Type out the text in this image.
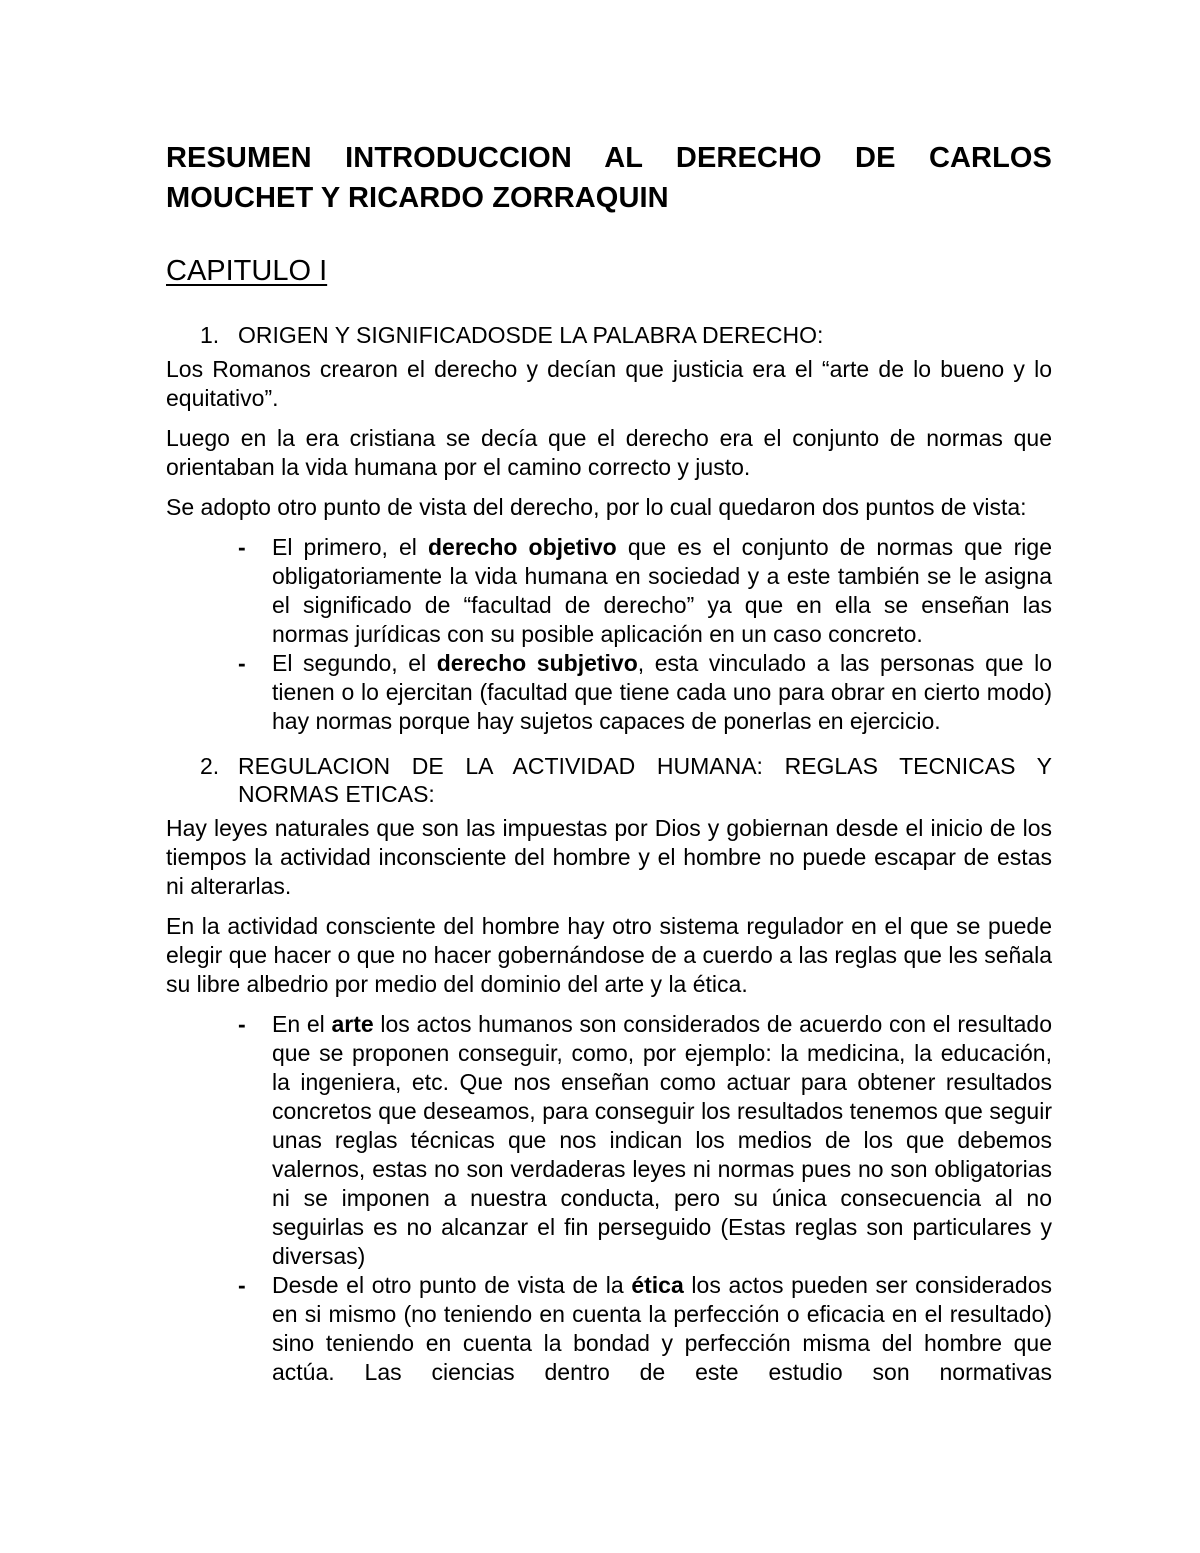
RESUMEN INTRODUCCION AL DERECHO DE CARLOS MOUCHET Y RICARDO ZORRAQUIN
CAPITULO I
1. ORIGEN Y SIGNIFICADOSDE LA PALABRA DERECHO:

Los Romanos crearon el derecho y decían que justicia era el “arte de lo bueno y lo equitativo”.

Luego en la era cristiana se decía que el derecho era el conjunto de normas que orientaban la vida humana por el camino correcto y justo.

Se adopto otro punto de vista del derecho, por lo cual quedaron dos puntos de vista:

-	El primero, el derecho objetivo que es el conjunto de normas que rige obligatoriamente la vida humana en sociedad y a este también se le asigna el significado de “facultad de derecho” ya que en ella se enseñan las normas jurídicas con su posible aplicación en un caso concreto.
-	El segundo, el derecho subjetivo, esta vinculado a las personas que lo tienen o lo ejercitan (facultad que tiene cada uno para obrar en cierto modo) hay normas porque hay sujetos capaces de ponerlas en ejercicio.
2. REGULACION DE LA ACTIVIDAD HUMANA: REGLAS TECNICAS Y NORMAS ETICAS:

Hay leyes naturales que son las impuestas por Dios y gobiernan desde el inicio de los tiempos la actividad inconsciente del hombre y el hombre no puede escapar de estas ni alterarlas.

En la actividad consciente del hombre hay otro sistema regulador en el que se puede elegir que hacer o que no hacer gobernándose de a cuerdo a las reglas que les señala su libre albedrio por medio del dominio del arte y la ética.

-	En el arte los actos humanos son considerados de acuerdo con el resultado que se proponen conseguir, como, por ejemplo: la medicina, la educación, la ingeniera, etc. Que nos enseñan como actuar para obtener resultados concretos que deseamos, para conseguir los resultados tenemos que seguir unas reglas técnicas que nos indican los medios de los que debemos valernos, estas no son verdaderas leyes ni normas pues no son obligatorias ni se imponen a nuestra conducta, pero su única consecuencia al no seguirlas es no alcanzar el fin perseguido (Estas reglas son particulares y diversas)
-	Desde el otro punto de vista de la ética los actos pueden ser considerados en si mismo (no teniendo en cuenta la perfección o eficacia en el resultado) sino teniendo en cuenta la bondad y perfección misma del hombre que actúa. Las ciencias dentro de este estudio son normativas
